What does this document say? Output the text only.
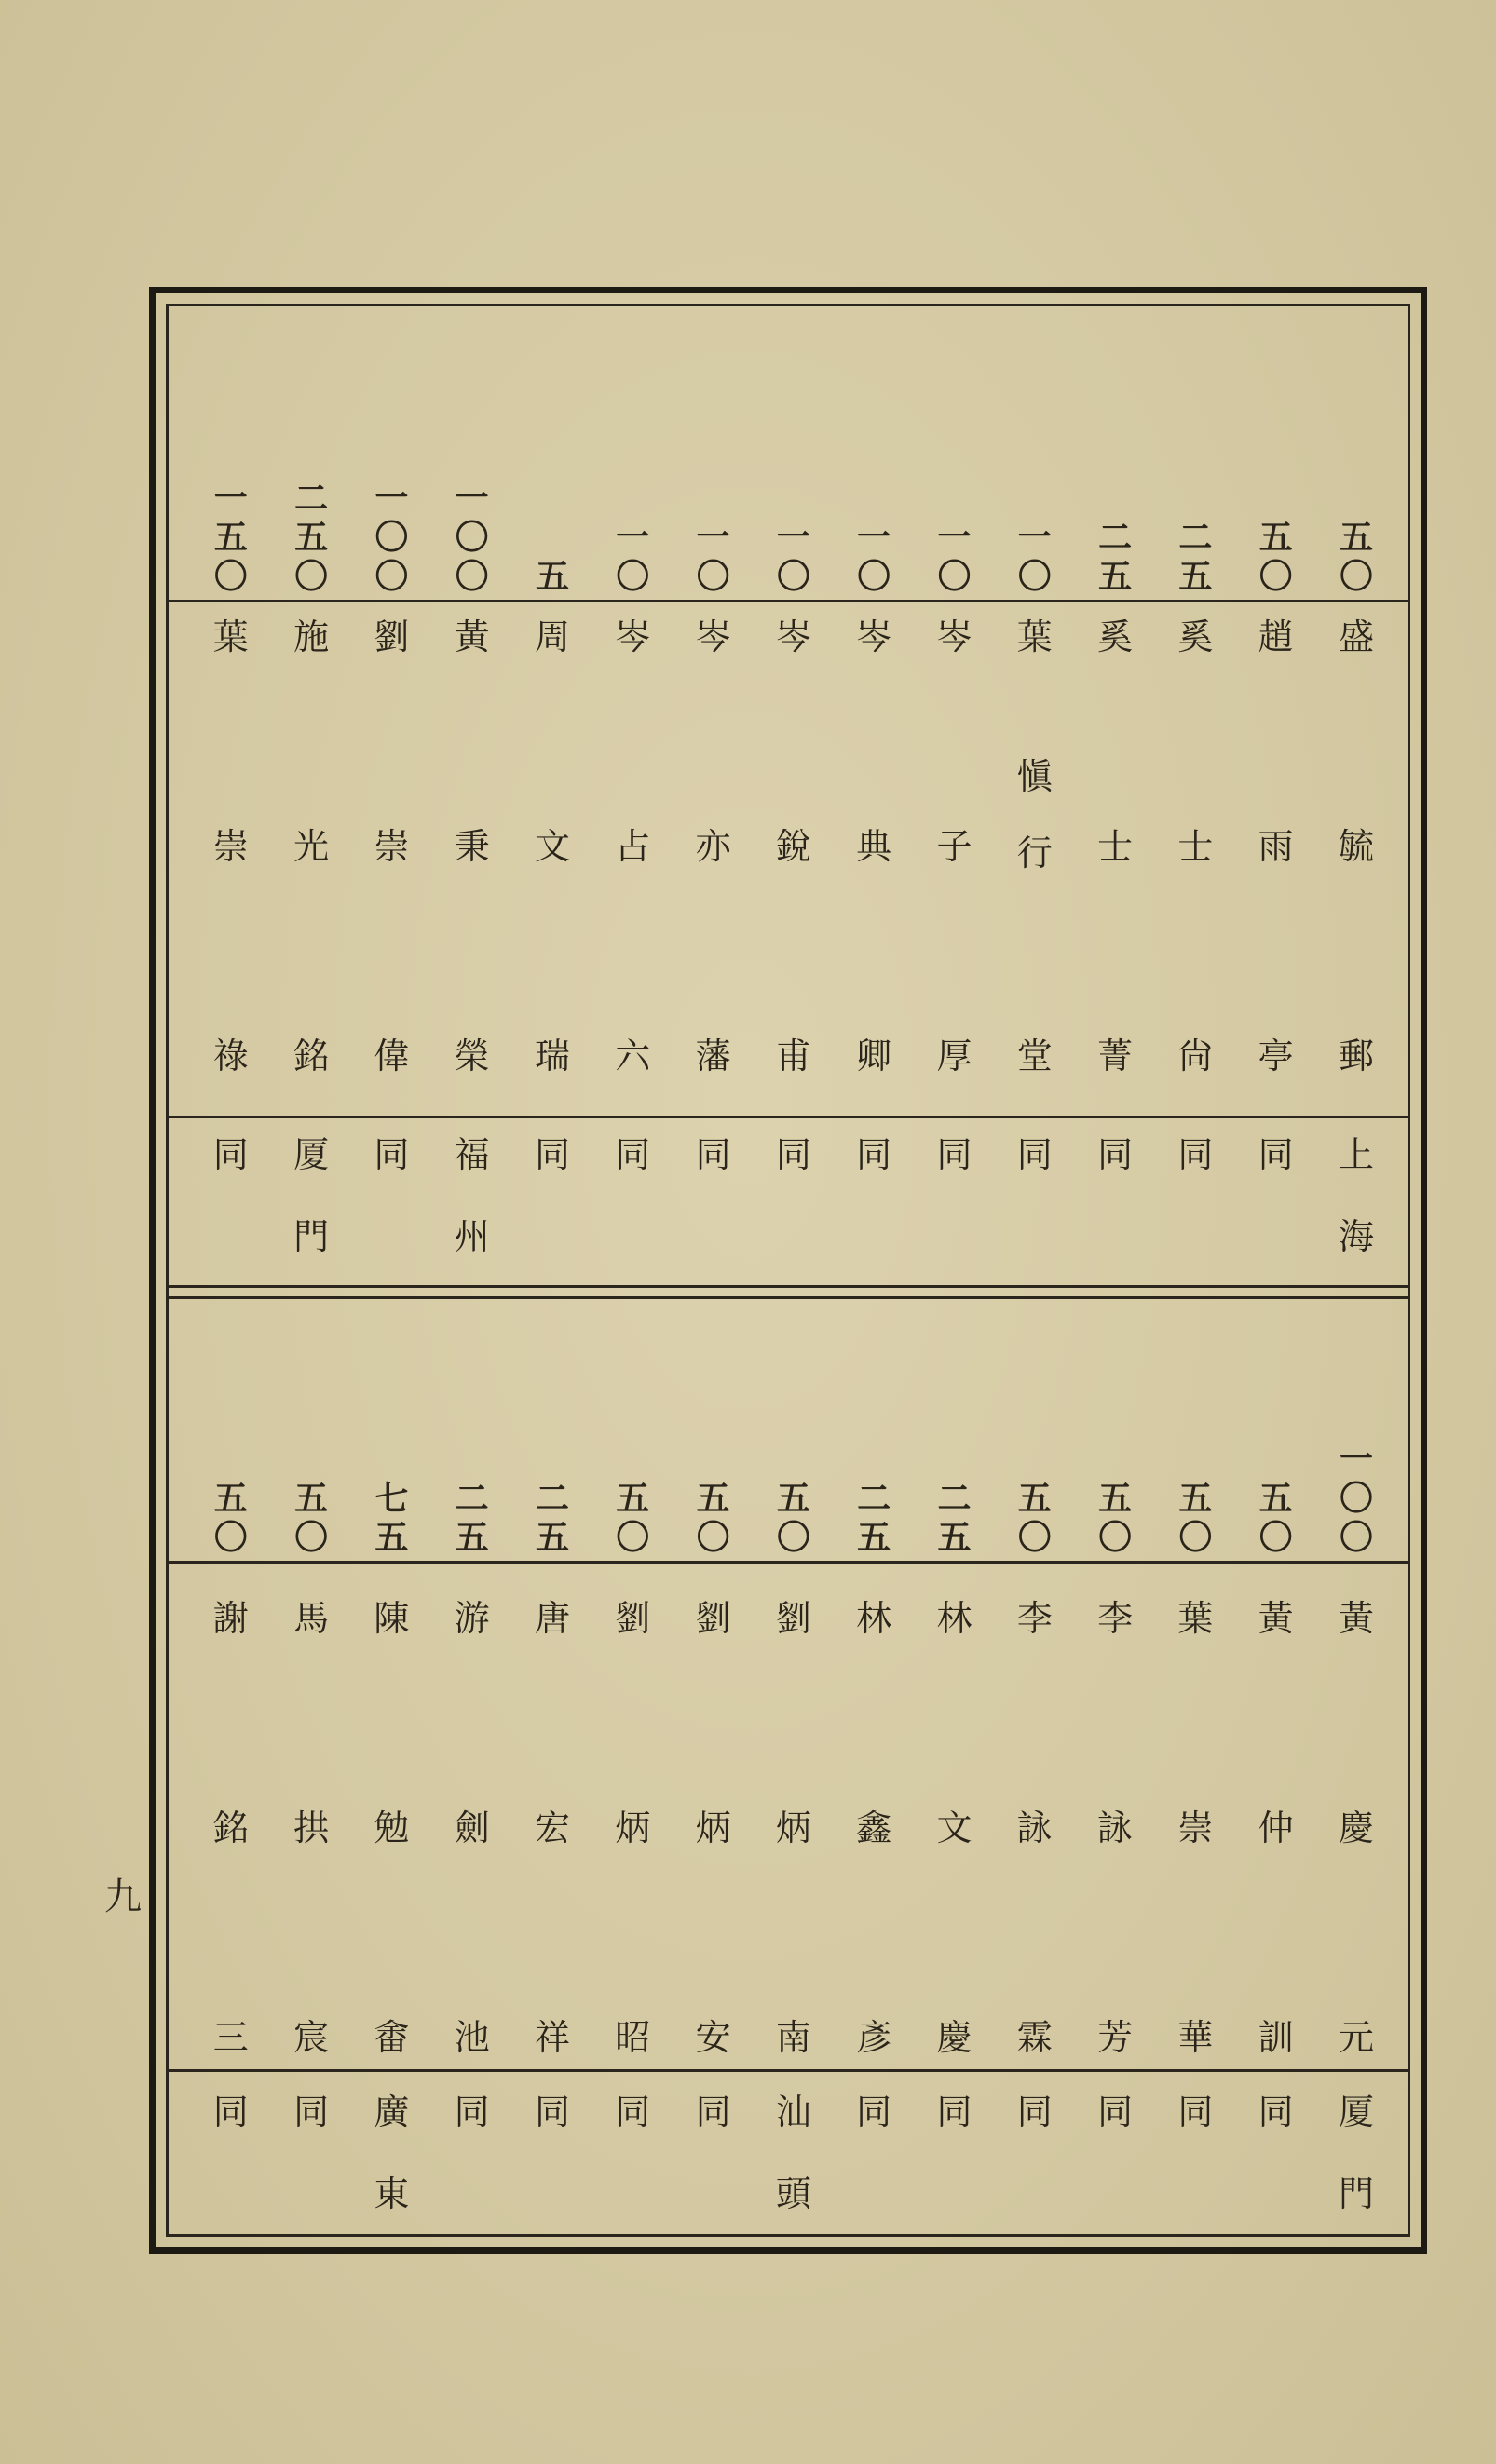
五
〇
盛
毓
郵
上
海
五
〇
趙
雨
亭
同
二
五
奚
士
尙
同
二
五
奚
士
菁
同
一
〇
葉
愼
行
堂
同
一
〇
岑
子
厚
同
一
〇
岑
典
卿
同
一
〇
岑
銳
甫
同
一
〇
岑
亦
藩
同
一
〇
岑
占
六
同
五
周
文
瑞
同
一
〇
〇
黃
秉
榮
福
州
一
〇
〇
劉
崇
偉
同
二
五
〇
施
光
銘
厦
門
一
五
〇
葉
崇
祿
同
一
〇
〇
黃
慶
元
厦
門
五
〇
黃
仲
訓
同
五
〇
葉
崇
華
同
五
〇
李
詠
芳
同
五
〇
李
詠
霖
同
二
五
林
文
慶
同
二
五
林
鑫
彥
同
五
〇
劉
炳
南
汕
頭
五
〇
劉
炳
安
同
五
〇
劉
炳
昭
同
二
五
唐
宏
祥
同
二
五
游
劍
池
同
七
五
陳
勉
畬
廣
東
五
〇
馬
拱
宸
同
五
〇
謝
銘
三
同
九
